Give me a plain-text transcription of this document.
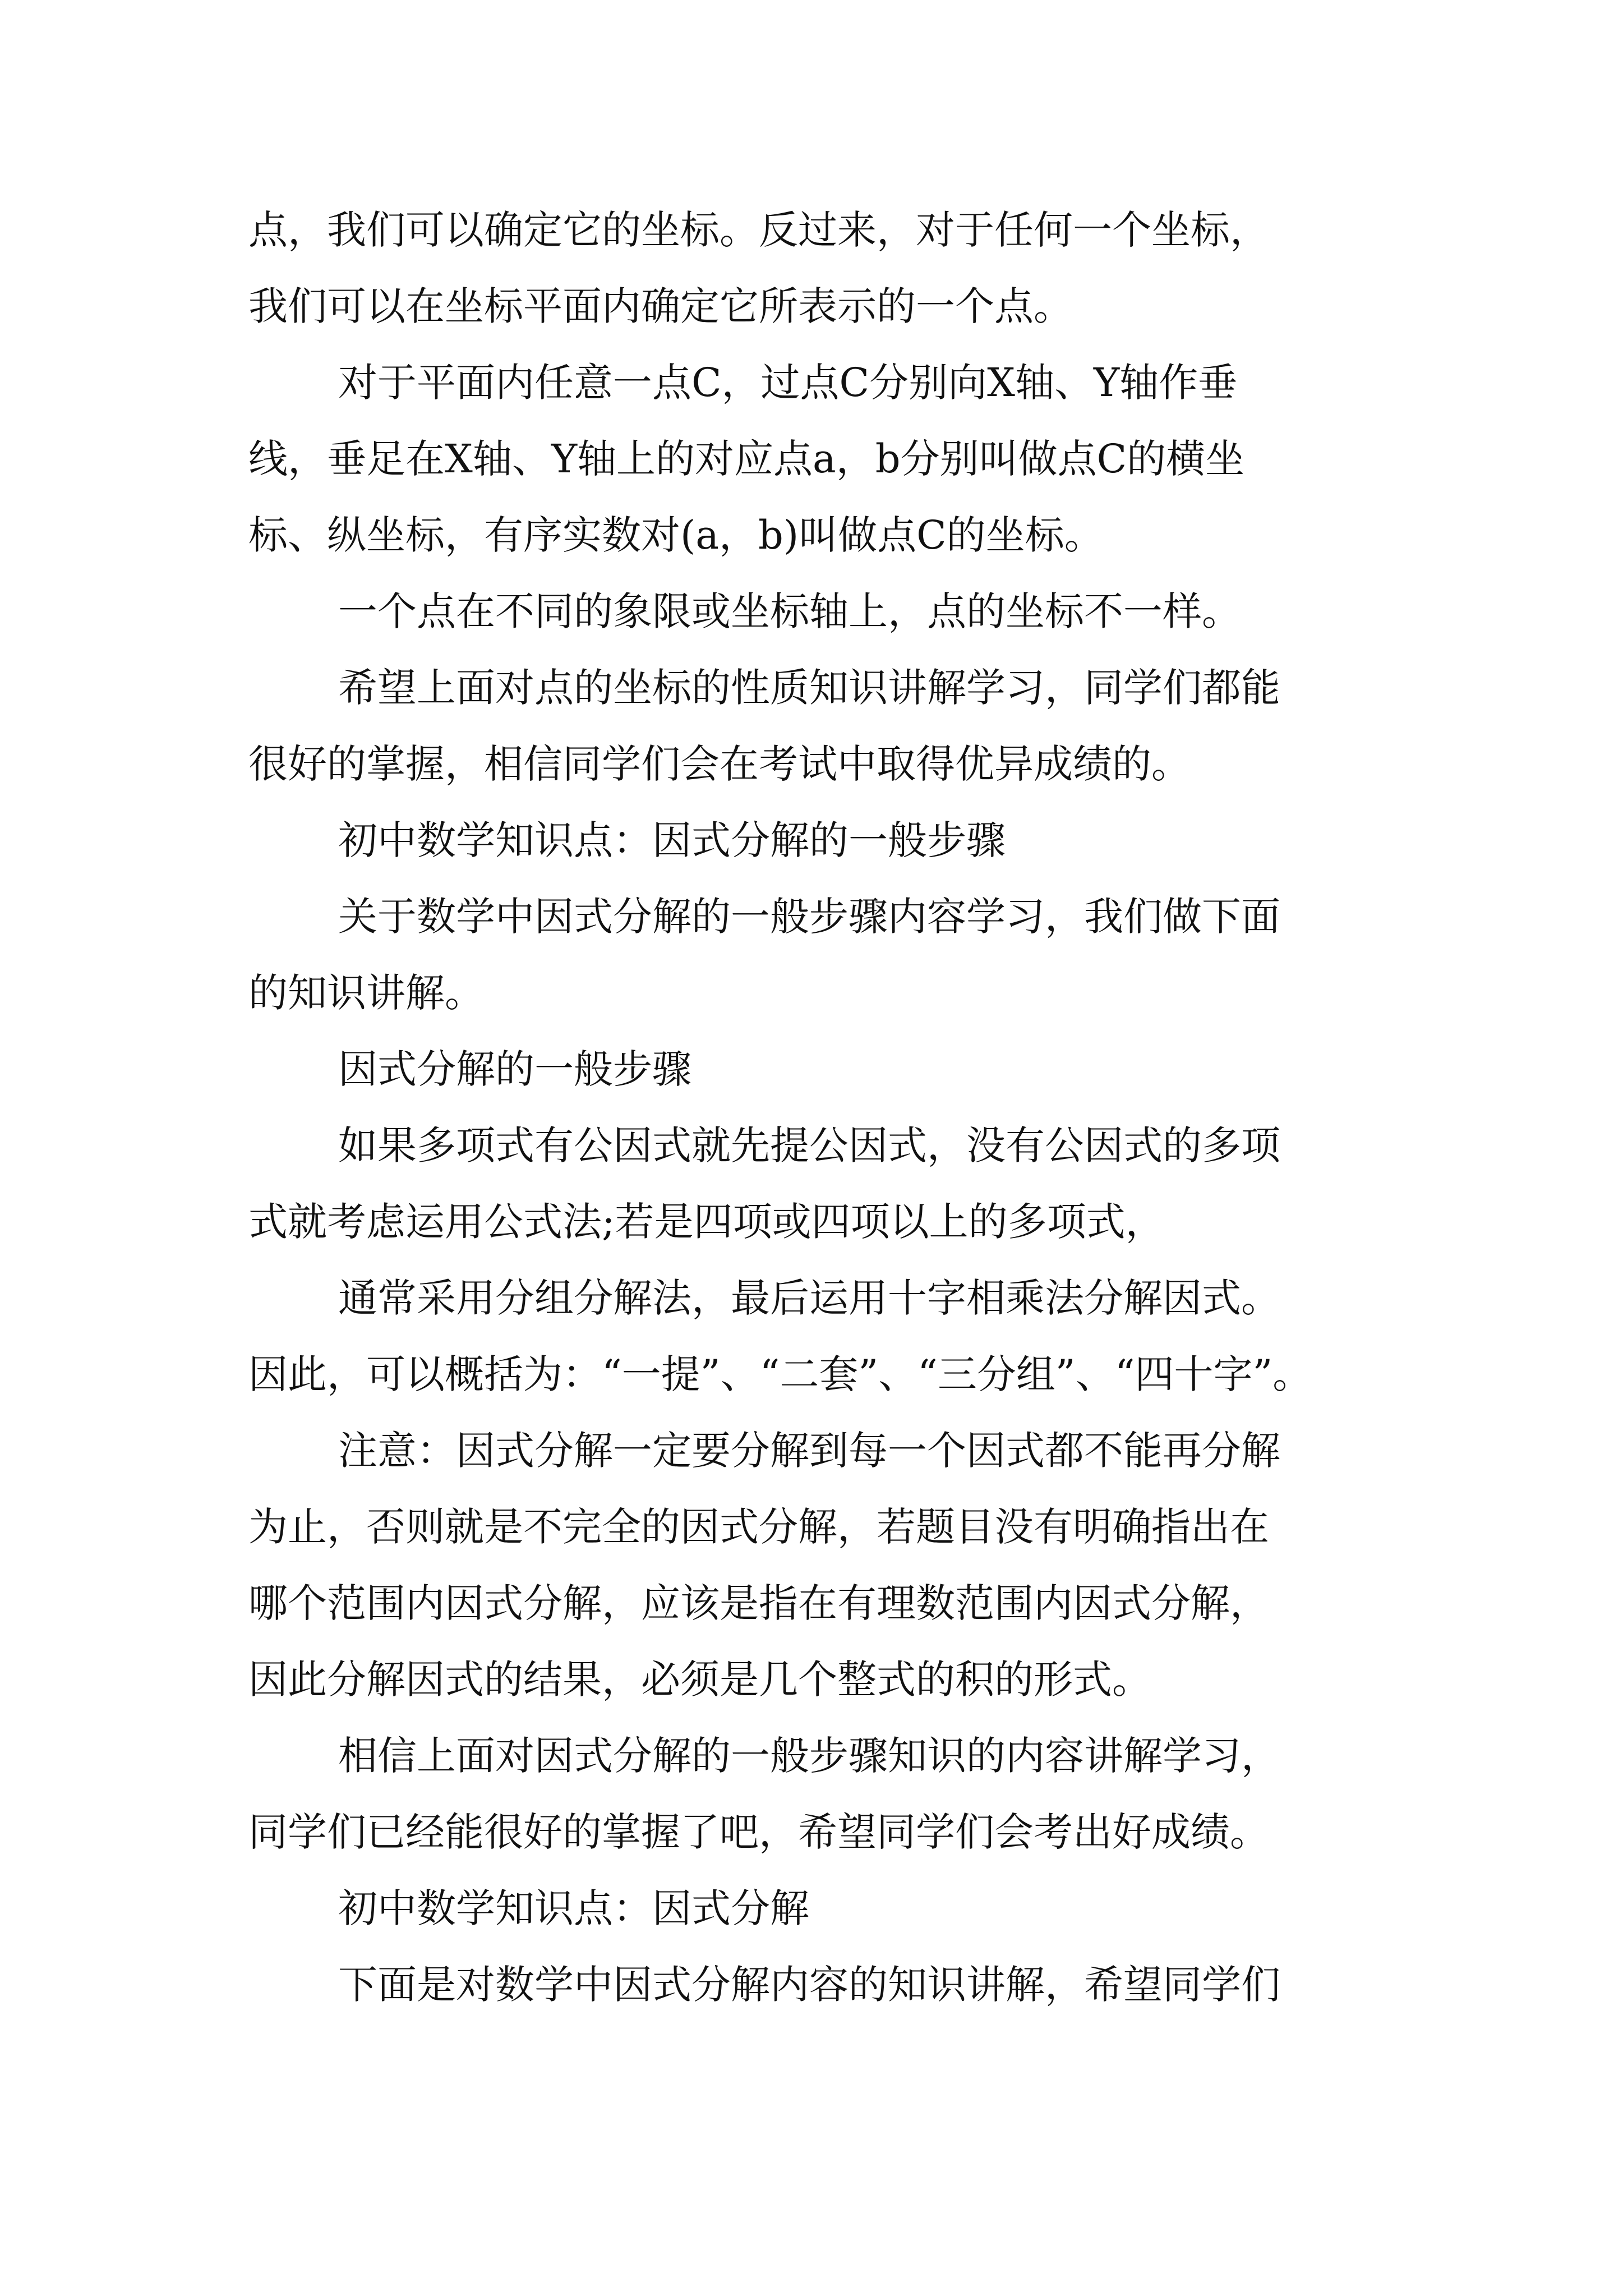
点，我们可以确定它的坐标。反过来，对于任何一个坐标，
我们可以在坐标平面内确定它所表示的一个点。
对于平面内任意一点C，过点C分别向X轴、Y轴作垂
线，垂足在X轴、Y轴上的对应点a，b分别叫做点C的横坐
标、纵坐标，有序实数对(a，b)叫做点C的坐标。
一个点在不同的象限或坐标轴上，点的坐标不一样。
希望上面对点的坐标的性质知识讲解学习，同学们都能
很好的掌握，相信同学们会在考试中取得优异成绩的。
初中数学知识点：因式分解的一般步骤
关于数学中因式分解的一般步骤内容学习，我们做下面
的知识讲解。
因式分解的一般步骤
如果多项式有公因式就先提公因式，没有公因式的多项
式就考虑运用公式法;若是四项或四项以上的多项式，
通常采用分组分解法，最后运用十字相乘法分解因式。
因此，可以概括为：“一提”、“二套”、“三分组”、“四十字”。
注意：因式分解一定要分解到每一个因式都不能再分解
为止，否则就是不完全的因式分解，若题目没有明确指出在
哪个范围内因式分解，应该是指在有理数范围内因式分解，
因此分解因式的结果，必须是几个整式的积的形式。
相信上面对因式分解的一般步骤知识的内容讲解学习，
同学们已经能很好的掌握了吧，希望同学们会考出好成绩。
初中数学知识点：因式分解
下面是对数学中因式分解内容的知识讲解，希望同学们
